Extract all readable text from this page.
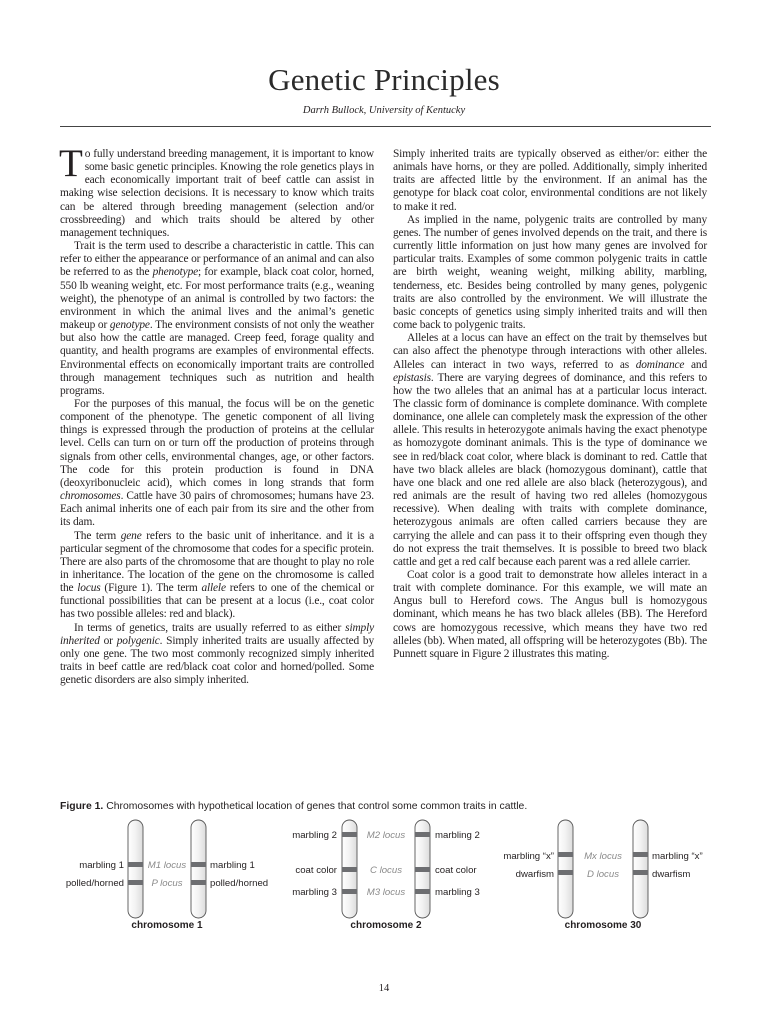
Genetic Principles
Darrh Bullock, University of Kentucky

To fully understand breeding management, it is important to know some basic genetic principles. Knowing the role genetics plays in each economically important trait of beef cattle can assist in making wise selection decisions. It is necessary to know which traits can be altered through breeding management (selection and/or crossbreeding) and which traits should be altered by other management techniques.

Trait is the term used to describe a characteristic in cattle. This can refer to either the appearance or performance of an animal and can also be referred to as the phenotype; for example, black coat color, horned, 550 lb weaning weight, etc. For most performance traits (e.g., weaning weight), the phenotype of an animal is controlled by two factors: the environment in which the animal lives and the animal’s genetic makeup or genotype. The environment consists of not only the weather but also how the cattle are managed. Creep feed, forage quality and quantity, and health programs are examples of environmental effects. Environmental effects on economically important traits are controlled through management techniques such as nutrition and health programs.

For the purposes of this manual, the focus will be on the genetic component of the phenotype. The genetic component of all living things is expressed through the production of proteins at the cellular level. Cells can turn on or turn off the production of proteins through signals from other cells, environmental changes, age, or other factors. The code for this protein production is found in DNA (deoxyribonucleic acid), which comes in long strands that form chromosomes. Cattle have 30 pairs of chromosomes; humans have 23. Each animal inherits one of each pair from its sire and the other from its dam.

The term gene refers to the basic unit of inheritance. and it is a particular segment of the chromosome that codes for a specific protein. There are also parts of the chromosome that are thought to play no role in inheritance. The location of the gene on the chromosome is called the locus (Figure 1). The term allele refers to one of the chemical or functional possibilities that can be present at a locus (i.e., coat color has two possible alleles: red and black).

In terms of genetics, traits are usually referred to as either simply inherited or polygenic. Simply inherited traits are usually affected by only one gene. The two most commonly recognized simply inherited traits in beef cattle are red/black coat color and horned/polled. Some genetic disorders are also simply inherited.

Simply inherited traits are typically observed as either/or: either the animals have horns, or they are polled. Additionally, simply inherited traits are affected little by the environment. If an animal has the genotype for black coat color, environmental conditions are not likely to make it red.

As implied in the name, polygenic traits are controlled by many genes. The number of genes involved depends on the trait, and there is currently little information on just how many genes are involved for particular traits. Examples of some common polygenic traits in cattle are birth weight, weaning weight, milking ability, marbling, tenderness, etc. Besides being controlled by many genes, polygenic traits are also controlled by the environment. We will illustrate the basic concepts of genetics using simply inherited traits and will then come back to polygenic traits.

Alleles at a locus can have an effect on the trait by themselves but can also affect the phenotype through interactions with other alleles. Alleles can interact in two ways, referred to as dominance and epistasis. There are varying degrees of dominance, and this refers to how the two alleles that an animal has at a particular locus interact. The classic form of dominance is complete dominance. With complete dominance, one allele can completely mask the expression of the other allele. This results in heterozygote animals having the exact phenotype as homozygote dominant animals. This is the type of dominance we see in red/black coat color, where black is dominant to red. Cattle that have two black alleles are black (homozygous dominant), cattle that have one black and one red allele are also black (heterozygous), and red animals are the result of having two red alleles (homozygous recessive). When dealing with traits with complete dominance, heterozygous animals are often called carriers because they are carrying the allele and can pass it to their offspring even though they do not express the trait themselves. It is possible to breed two black cattle and get a red calf because each parent was a red allele carrier.

Coat color is a good trait to demonstrate how alleles interact in a trait with complete dominance. For this example, we will mate an Angus bull to Hereford cows. The Angus bull is homozygous dominant, which means he has two black alleles (BB). The Hereford cows are homozygous recessive, which means they have two red alleles (bb). When mated, all offspring will be heterozygotes (Bb). The Punnett square in Figure 2 illustrates this mating.

Figure 1. Chromosomes with hypothetical location of genes that control some common traits in cattle.
marbling 1
polled/horned
M1 locus
P locus
marbling 1
polled/horned
chromosome 1
marbling 2
coat color
marbling 3
M2 locus
C locus
M3 locus
marbling 2
coat color
marbling 3
chromosome 2
marbling “x”
dwarfism
Mx locus
D locus
marbling “x”
dwarfism
chromosome 30
14
